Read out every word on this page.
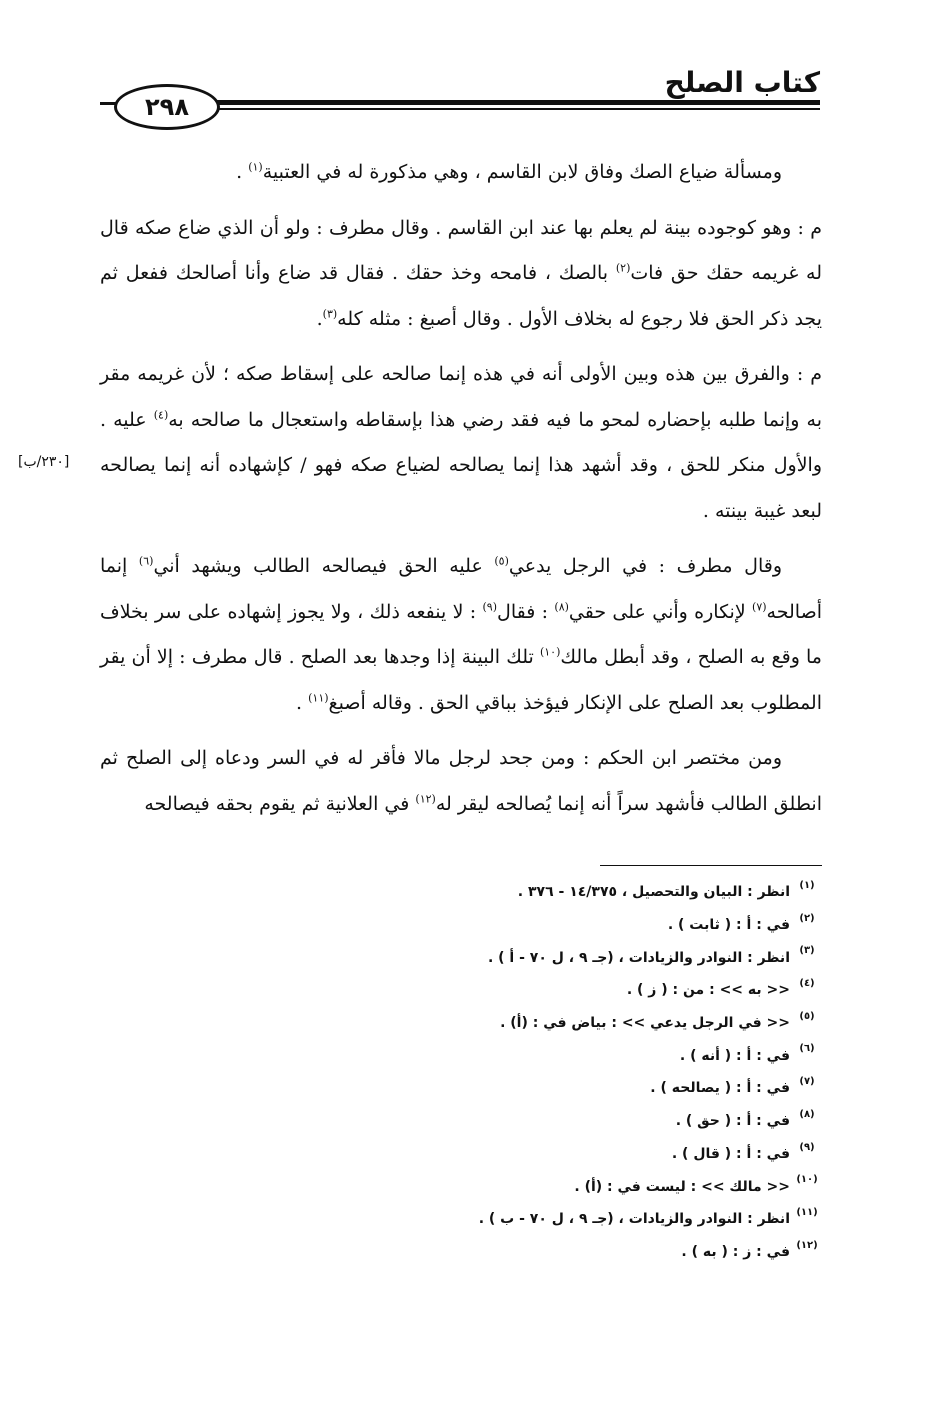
كتاب الصلح
٢٩٨
[٢٣٠/ب]

ومسألة ضياع الصك وفاق لابن القاسم ، وهي مذكورة له في العتبية$^{(١)}$ .

م : وهو كوجوده بينة لم يعلم بها عند ابن القاسم . وقال مطرف : ولو أن الذي ضاع صكه قال له غريمه حقك حق فات$^{(٢)}$ بالصك ، فامحه وخذ حقك . فقال قد ضاع وأنا أصالحك ففعل ثم يجد ذكر الحق فلا رجوع له بخلاف الأول . وقال أصبغ : مثله كله$^{(٣)}$.

م : والفرق بين هذه وبين الأولى أنه في هذه إنما صالحه على إسقاط صكه ؛ لأن غريمه مقر به وإنما طلبه بإحضاره لمحو ما فيه فقد رضي هذا بإسقاطه واستعجال ما صالحه به$^{(٤)}$ عليه . والأول منكر للحق ، وقد أشهد هذا إنما يصالحه لضياع صكه فهو / كإشهاده أنه إنما يصالحه لبعد غيبة بينته .

وقال مطرف : في الرجل يدعي$^{(٥)}$ عليه الحق فيصالحه الطالب ويشهد أني$^{(٦)}$ إنما أصالحه$^{(٧)}$ لإنكاره وأني على حقي$^{(٨)}$ : فقال$^{(٩)}$ : لا ينفعه ذلك ، ولا يجوز إشهاده على سر بخلاف ما وقع به الصلح ، وقد أبطل مالك$^{(١٠)}$ تلك البينة إذا وجدها بعد الصلح . قال مطرف : إلا أن يقر المطلوب بعد الصلح على الإنكار فيؤخذ بباقي الحق . وقاله أصبغ$^{(١١)}$ .

ومن مختصر ابن الحكم : ومن جحد لرجل مالا فأقر له في السر ودعاه إلى الصلح ثم انطلق الطالب فأشهد سراً أنه إنما يُصالحه ليقر له$^{(١٢)}$ في العلانية ثم يقوم بحقه فيصالحه

(١)
انظر : البيان والتحصيل ، ١٤/٣٧٥ - ٣٧٦ .
(٢)
في : أ : ( ثابت ) .
(٣)
انظر : النوادر والزيادات ، (جـ ٩ ، ل ٧٠ - أ ) .
(٤)
<< به >> : من : ( ز ) .
(٥)
<< في الرجل يدعي >> : بياض في : (أ) .
(٦)
في : أ : ( أنه ) .
(٧)
في : أ : ( يصالحه ) .
(٨)
في : أ : ( حق ) .
(٩)
في : أ : ( قال ) .
(١٠)
<< مالك >> : ليست في : (أ) .
(١١)
انظر : النوادر والزيادات ، (جـ ٩ ، ل ٧٠ - ب ) .
(١٢)
في : ز : ( به ) .
